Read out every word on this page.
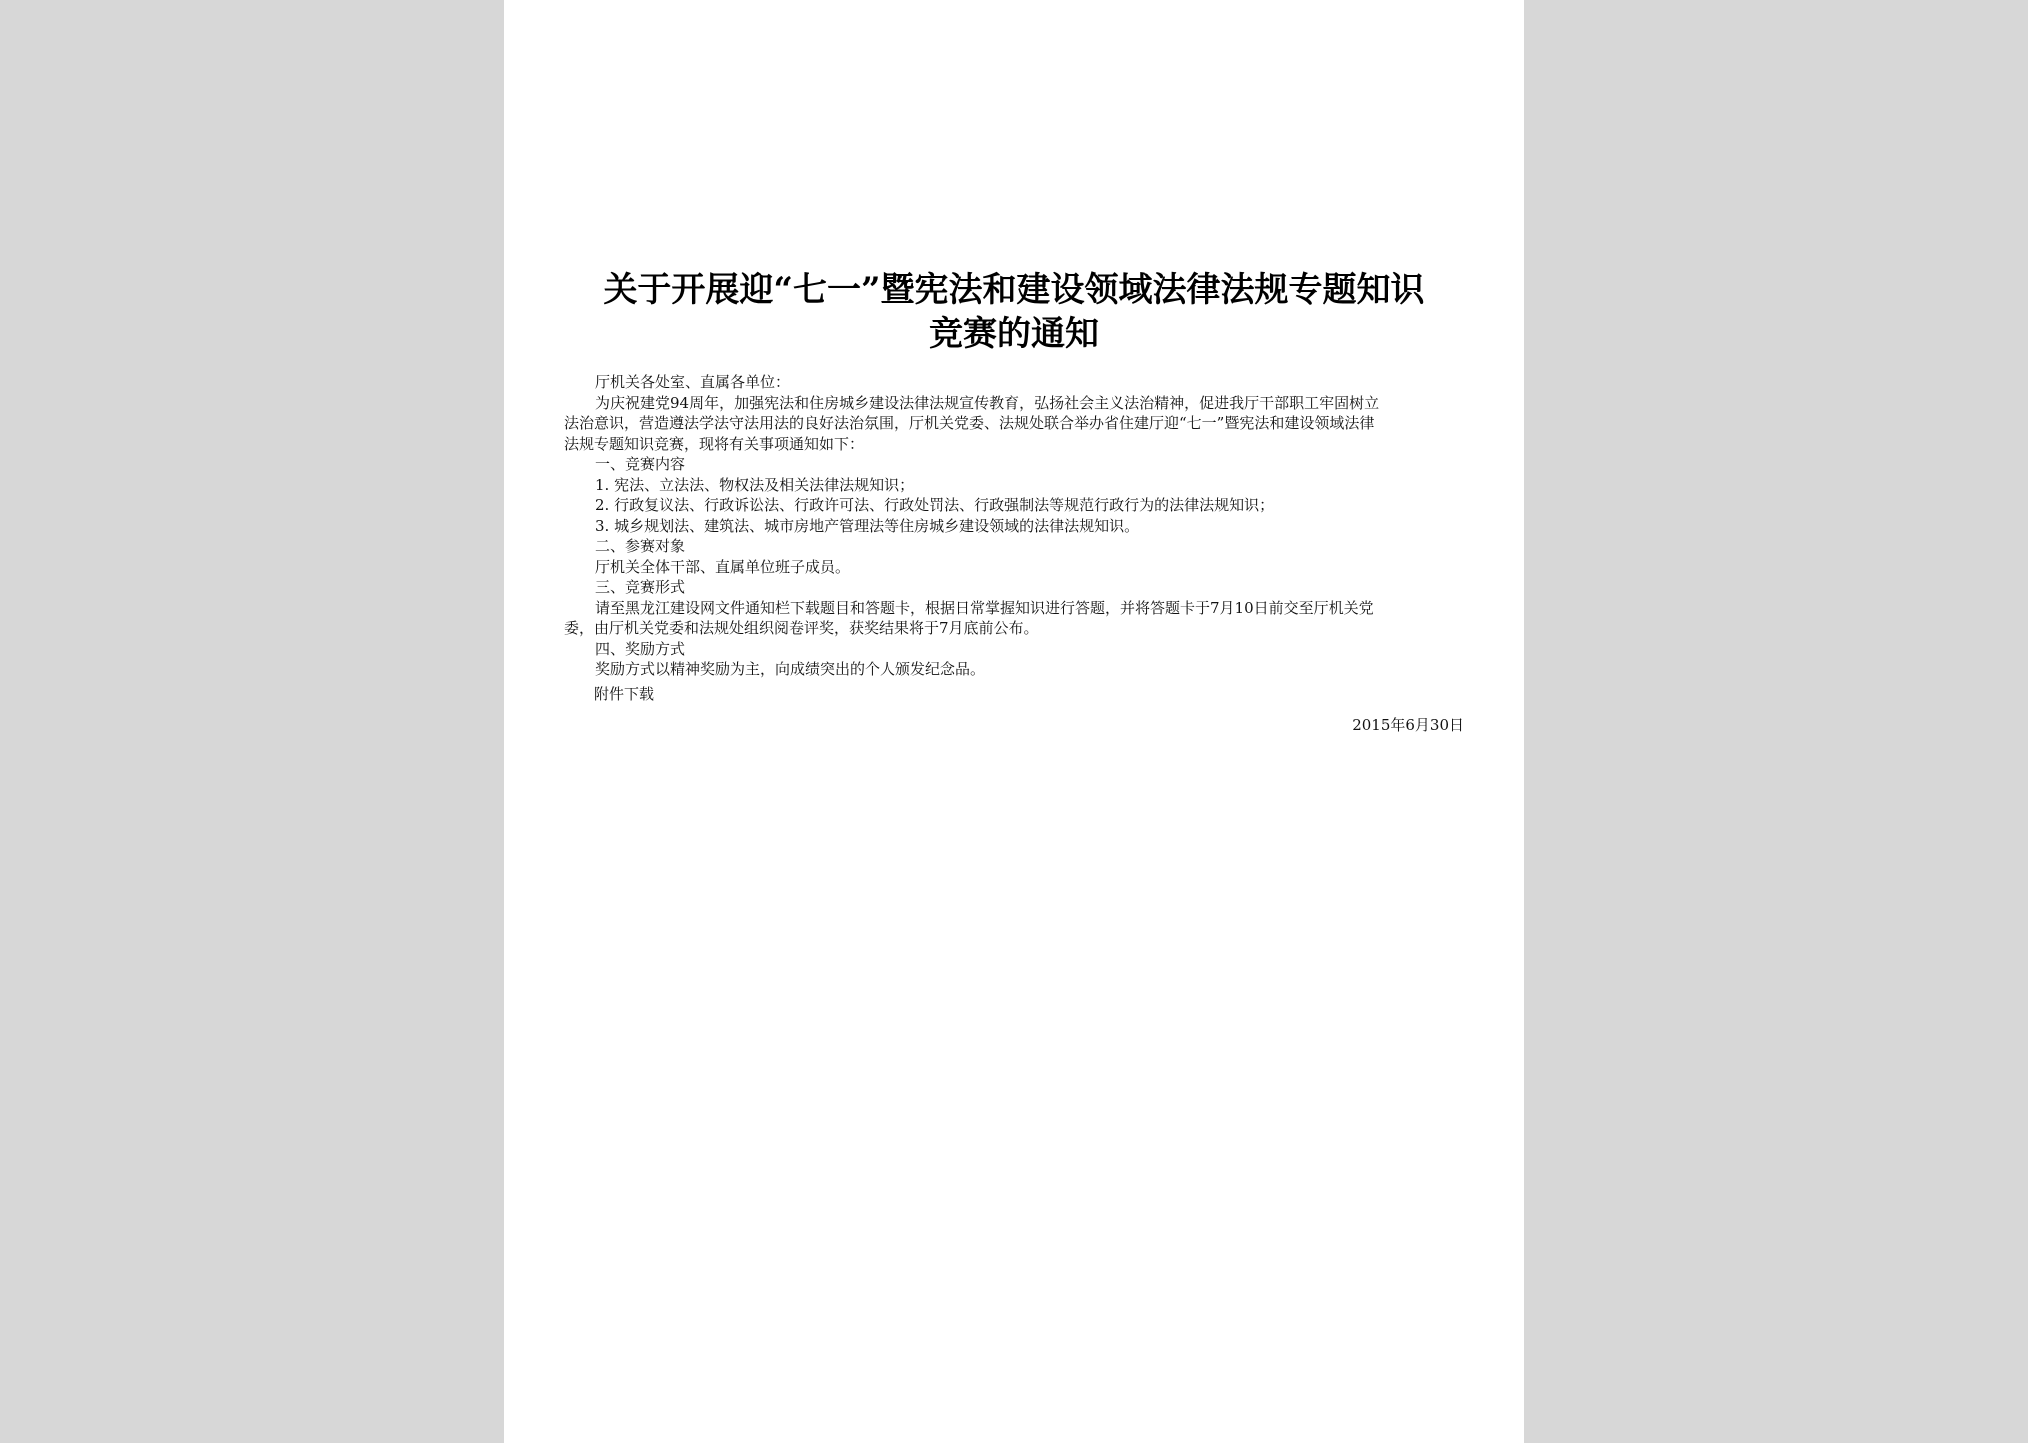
关于开展迎“七一”暨宪法和建设领域法律法规专题知识
竞赛的通知
厅机关各处室、直属各单位：
为庆祝建党94周年，加强宪法和住房城乡建设法律法规宣传教育，弘扬社会主义法治精神，促进我厅干部职工牢固树立
法治意识，营造遵法学法守法用法的良好法治氛围，厅机关党委、法规处联合举办省住建厅迎“七一”暨宪法和建设领域法律
法规专题知识竞赛，现将有关事项通知如下：
一、竞赛内容
1. 宪法、立法法、物权法及相关法律法规知识；
2. 行政复议法、行政诉讼法、行政许可法、行政处罚法、行政强制法等规范行政行为的法律法规知识；
3. 城乡规划法、建筑法、城市房地产管理法等住房城乡建设领域的法律法规知识。
二、参赛对象
厅机关全体干部、直属单位班子成员。
三、竞赛形式
请至黑龙江建设网文件通知栏下载题目和答题卡，根据日常掌握知识进行答题，并将答题卡于7月10日前交至厅机关党
委，由厅机关党委和法规处组织阅卷评奖，获奖结果将于7月底前公布。
四、奖励方式
奖励方式以精神奖励为主，向成绩突出的个人颁发纪念品。
附件下载
2015年6月30日
